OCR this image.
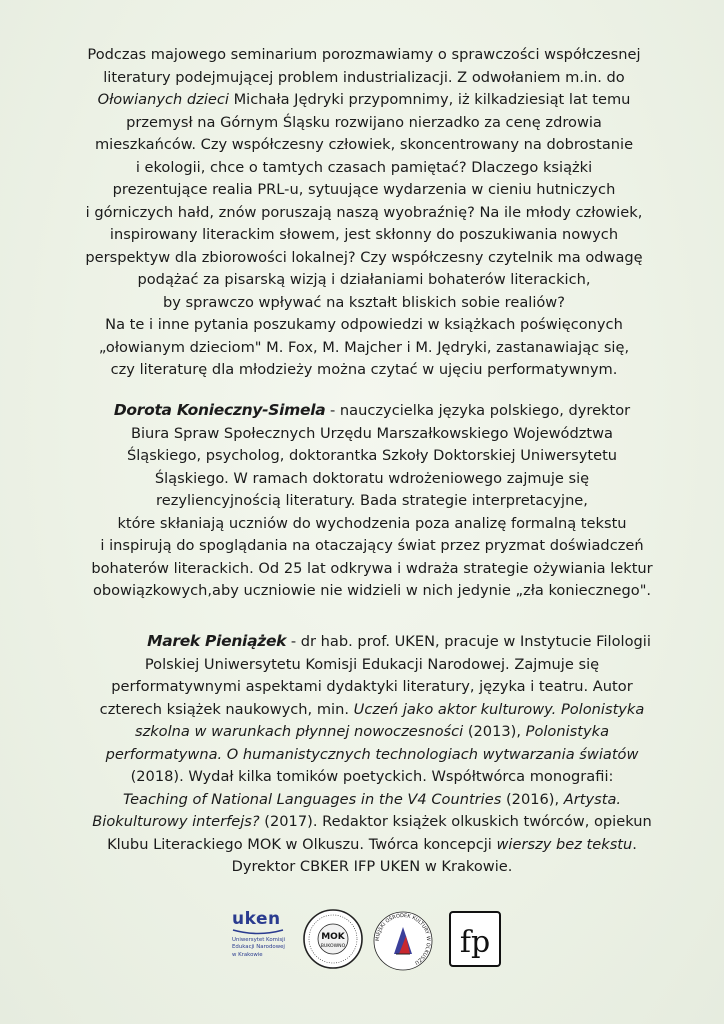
Podczas majowego seminarium porozmawiamy o sprawczości współczesnej
literatury podejmującej problem industrializacji. Z odwołaniem m.in. do
Ołowianych dzieci Michała Jędryki przypomnimy, iż kilkadziesiąt lat temu
przemysł na Górnym Śląsku rozwijano nierzadko za cenę zdrowia
mieszkańców. Czy współczesny człowiek, skoncentrowany na dobrostanie
i ekologii, chce o tamtych czasach pamiętać? Dlaczego książki
prezentujące realia PRL-u, sytuujące wydarzenia w cieniu hutniczych
i górniczych hałd, znów poruszają naszą wyobraźnię? Na ile młody człowiek,
inspirowany literackim słowem, jest skłonny do poszukiwania nowych
perspektyw dla zbiorowości lokalnej? Czy współczesny czytelnik ma odwagę
podążać za pisarską wizją i działaniami bohaterów literackich,
by sprawczo wpływać na kształt bliskich sobie realiów?
Na te i inne pytania poszukamy odpowiedzi w książkach poświęconych
„ołowianym dzieciom" M. Fox, M. Majcher i M. Jędryki, zastanawiając się,
czy literaturę dla młodzieży można czytać w ujęciu performatywnym.
Dorota Konieczny-Simela - nauczycielka języka polskiego, dyrektor
Biura Spraw Społecznych Urzędu Marszałkowskiego Województwa
Śląskiego, psycholog, doktorantka Szkoły Doktorskiej Uniwersytetu
Śląskiego. W ramach doktoratu wdrożeniowego zajmuje się
rezyliencyjnością literatury. Bada strategie interpretacyjne,
które skłaniają uczniów do wychodzenia poza analizę formalną tekstu
i inspirują do spoglądania na otaczający świat przez pryzmat doświadczeń
bohaterów literackich. Od 25 lat odkrywa i wdraża strategie ożywiania lektur
obowiązkowych,aby uczniowie nie widzieli w nich jedynie „zła koniecznego".
Marek Pieniążek - dr hab. prof. UKEN, pracuje w Instytucie Filologii
Polskiej Uniwersytetu Komisji Edukacji Narodowej. Zajmuje się
performatywnymi aspektami dydaktyki literatury, języka i teatru. Autor
czterech książek naukowych, min. Uczeń jako aktor kulturowy. Polonistyka
szkolna w warunkach płynnej nowoczesności (2013), Polonistyka
performatywna. O humanistycznych technologiach wytwarzania światów
(2018). Wydał kilka tomików poetyckich. Współtwórca monografii:
Teaching of National Languages in the V4 Countries (2016), Artysta.
Biokulturowy interfejs? (2017). Redaktor książek olkuskich twórców, opiekun
Klubu Literackiego MOK w Olkuszu. Twórca koncepcji wierszy bez tekstu.
Dyrektor CBKER IFP UKEN w Krakowie.
uken
Uniwersytet Komisji
Edukacji Narodowej
w Krakowie
MOK
BUKOWNO
MIEJSKI OŚRODEK KULTURY W OLKUSZU
fp
